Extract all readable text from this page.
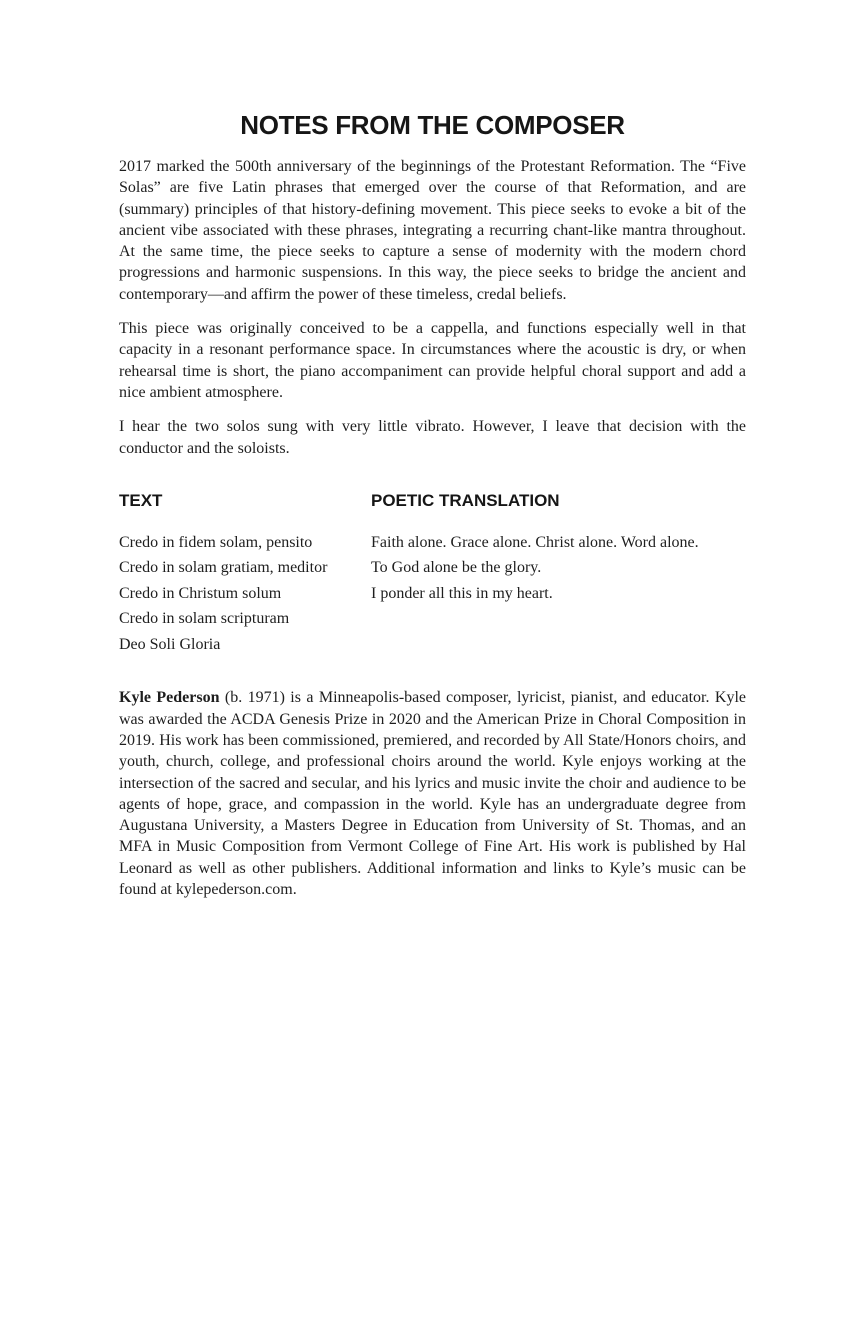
NOTES FROM THE COMPOSER

2017 marked the 500th anniversary of the beginnings of the Protestant Reformation. The “Five Solas” are five Latin phrases that emerged over the course of that Reformation, and are (summary) principles of that history-defining movement. This piece seeks to evoke a bit of the ancient vibe associated with these phrases, integrating a recurring chant-like mantra throughout. At the same time, the piece seeks to capture a sense of modernity with the modern chord progressions and harmonic suspensions. In this way, the piece seeks to bridge the ancient and contemporary—and affirm the power of these timeless, credal beliefs.

This piece was originally conceived to be a cappella, and functions especially well in that capacity in a resonant performance space. In circumstances where the acoustic is dry, or when rehearsal time is short, the piano accompaniment can provide helpful choral support and add a nice ambient atmosphere.

I hear the two solos sung with very little vibrato. However, I leave that decision with the conductor and the soloists.

TEXT
Credo in fidem solam, pensito
Credo in solam gratiam, meditor
Credo in Christum solum
Credo in solam scripturam
Deo Soli Gloria
POETIC TRANSLATION
Faith alone. Grace alone. Christ alone. Word alone.
To God alone be the glory.
I ponder all this in my heart.

Kyle Pederson (b. 1971) is a Minneapolis-based composer, lyricist, pianist, and educator. Kyle was awarded the ACDA Genesis Prize in 2020 and the American Prize in Choral Composition in 2019. His work has been commissioned, premiered, and recorded by All State/Honors choirs, and youth, church, college, and professional choirs around the world. Kyle enjoys working at the intersection of the sacred and secular, and his lyrics and music invite the choir and audience to be agents of hope, grace, and compassion in the world. Kyle has an undergraduate degree from Augustana University, a Masters Degree in Education from University of St. Thomas, and an MFA in Music Composition from Vermont College of Fine Art. His work is published by Hal Leonard as well as other publishers. Additional information and links to Kyle’s music can be found at kylepederson.com.
